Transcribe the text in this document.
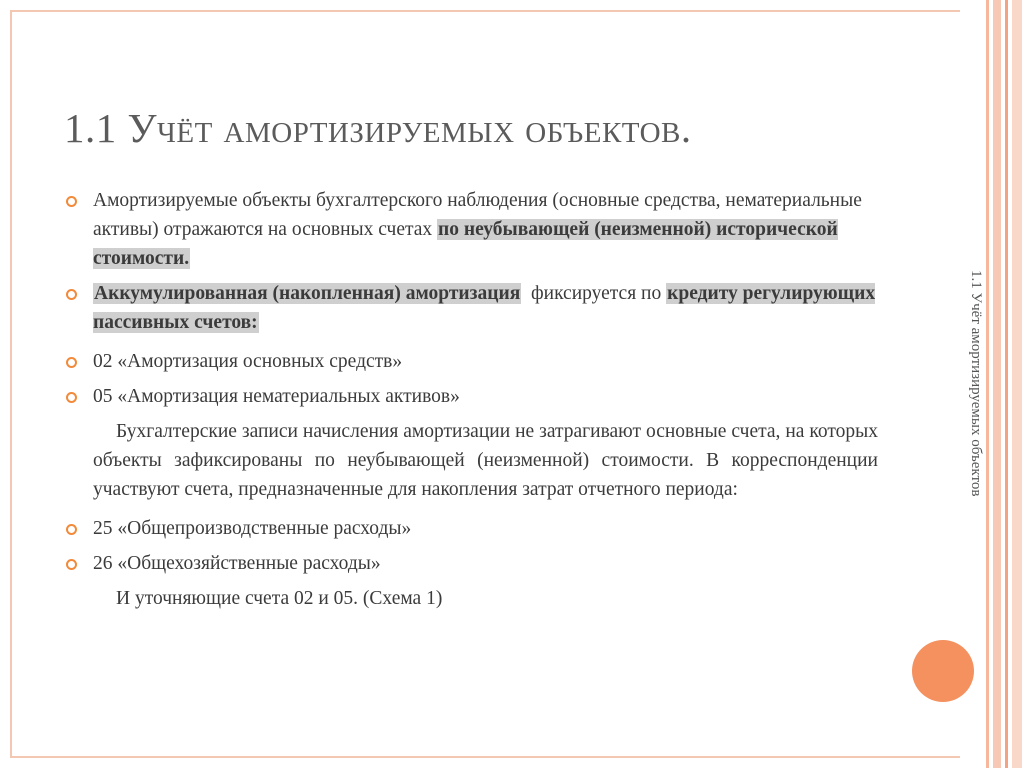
1.1 Учёт амортизируемых объектов.
Амортизируемые объекты бухгалтерского наблюдения (основные средства, нематериальные активы) отражаются на основных счетах по неубывающей (неизменной) исторической стоимости.
Аккумулированная (накопленная) амортизация  фиксируется по кредиту регулирующих пассивных счетов:
02 «Амортизация основных средств»
05 «Амортизация нематериальных активов»
Бухгалтерские записи начисления амортизации не затрагивают основные счета, на которых объекты зафиксированы по неубывающей (неизменной) стоимости. В корреспонденции участвуют счета, предназначенные для накопления затрат отчетного периода:
25 «Общепроизводственные расходы»
26 «Общехозяйственные расходы»
И уточняющие счета 02 и 05. (Схема 1)
1.1 Учёт амортизируемых объектов
